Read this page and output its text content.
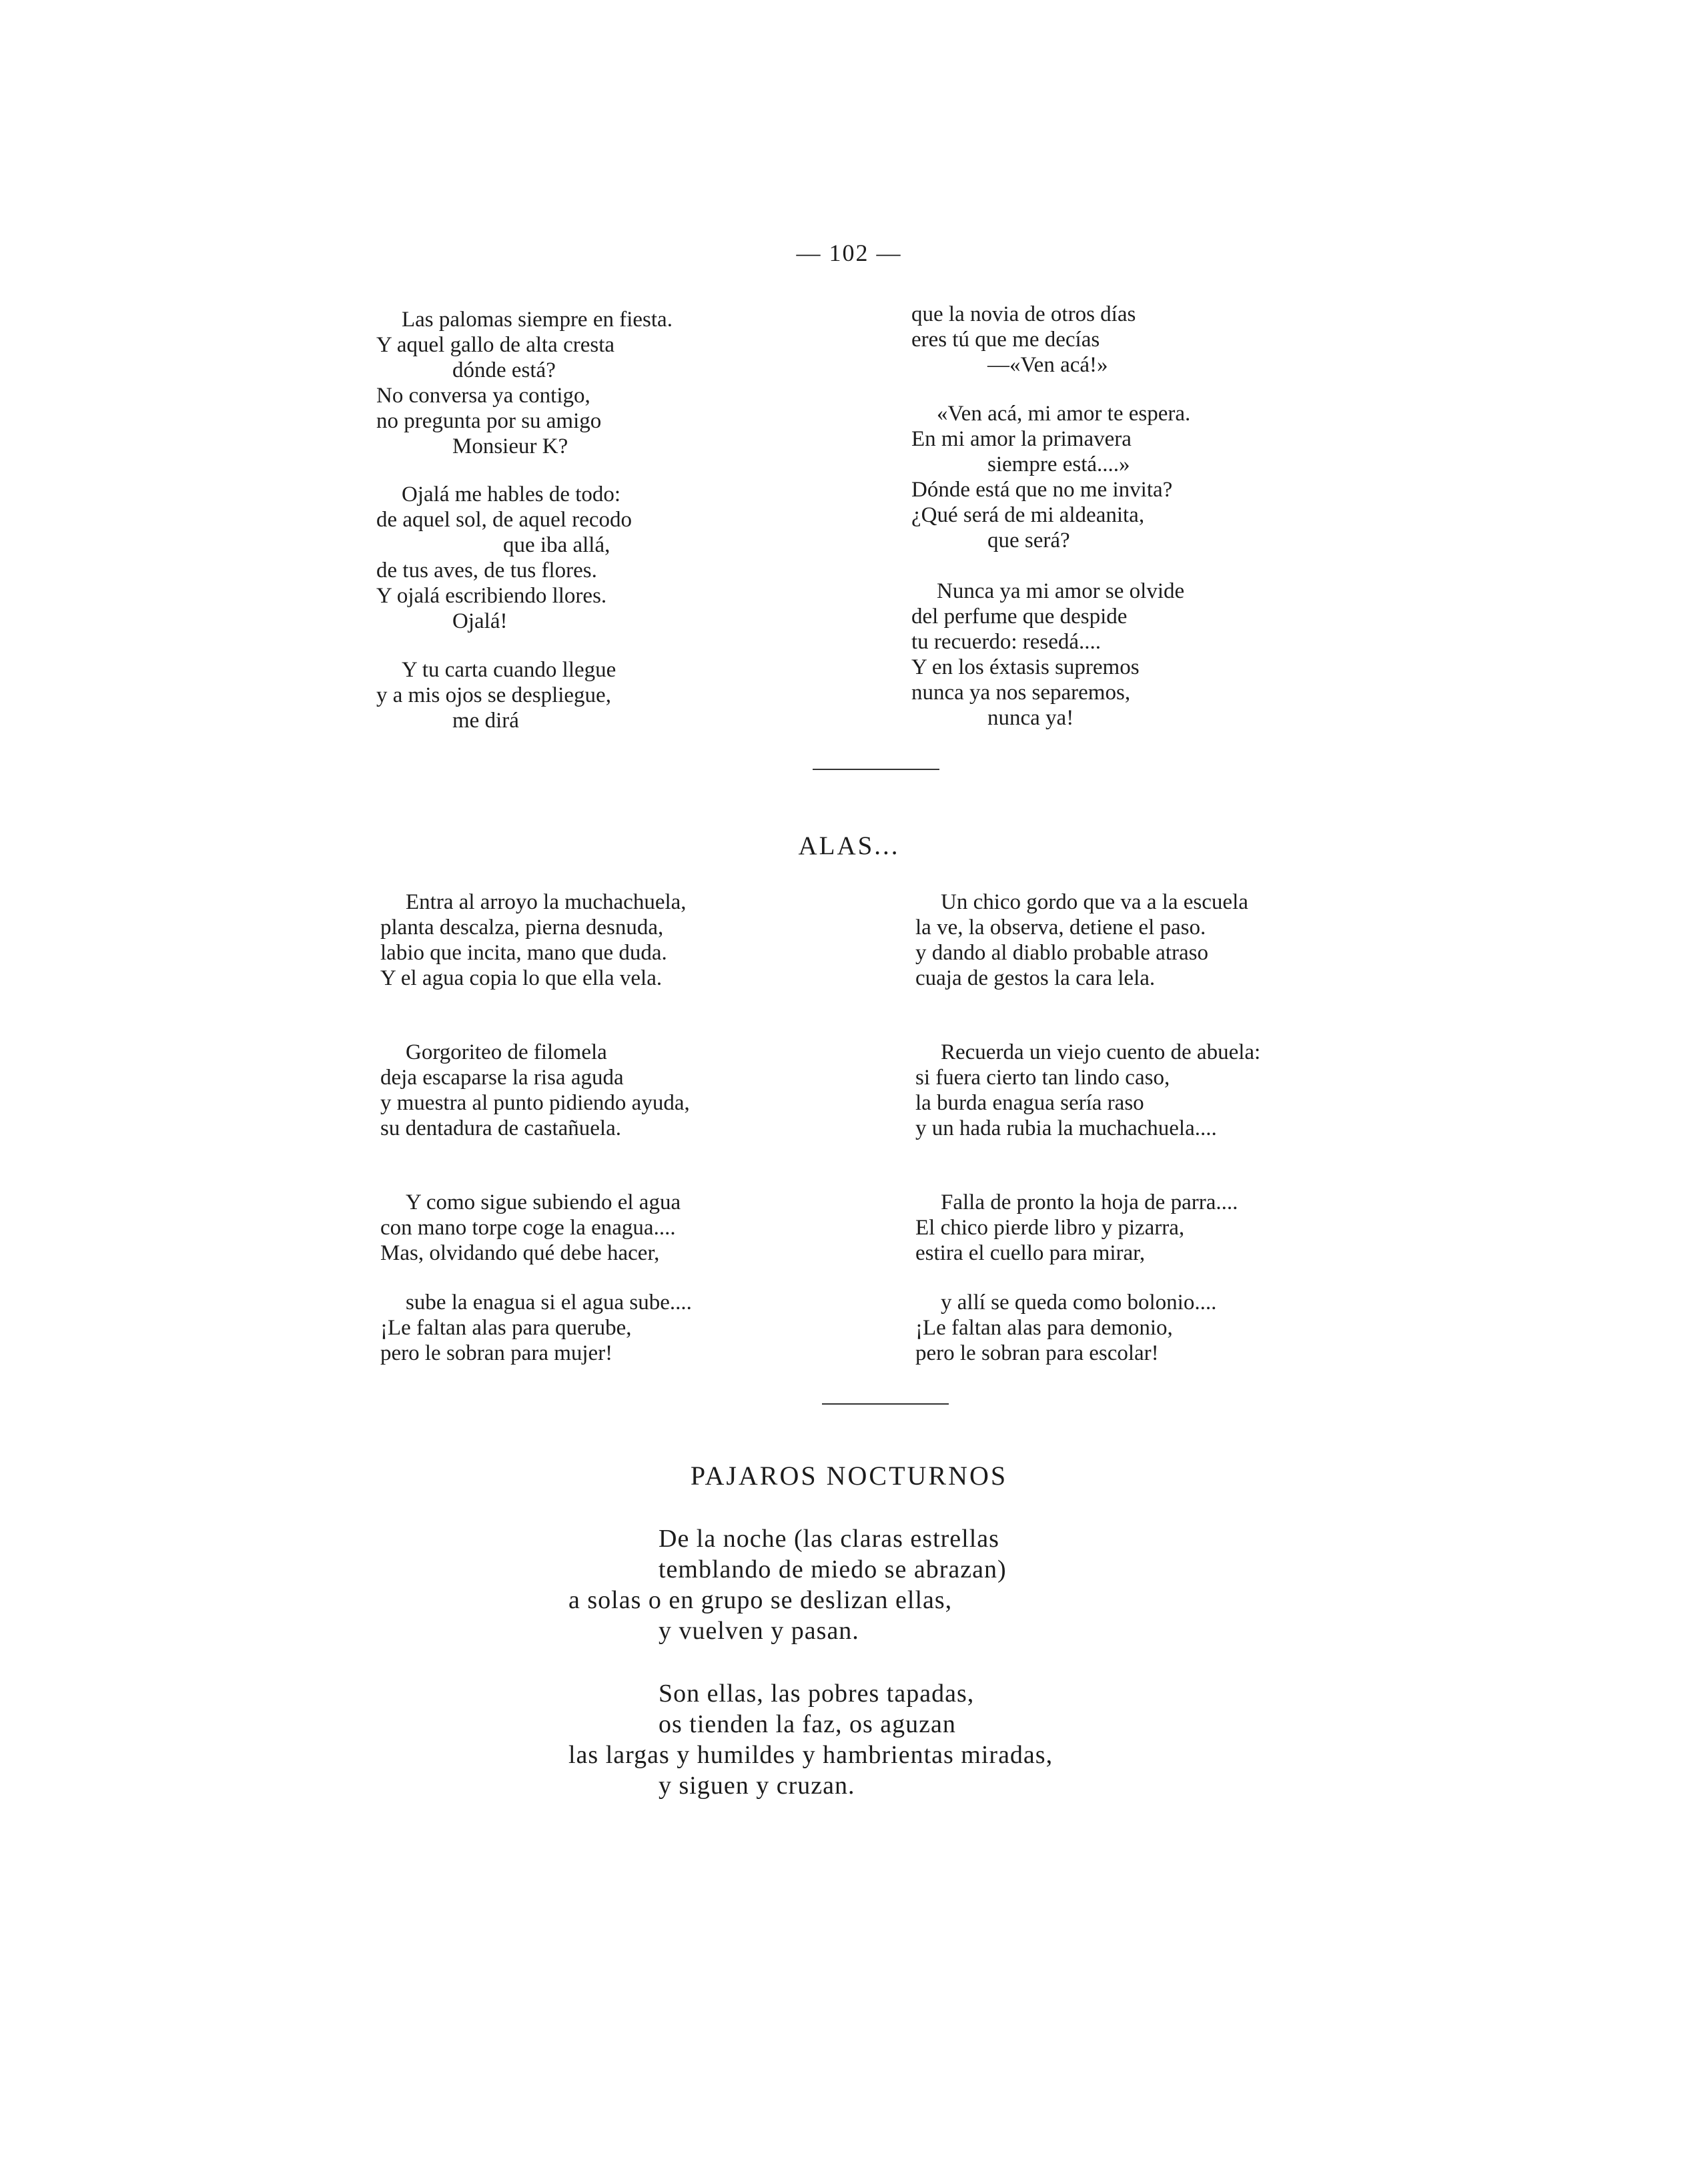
— 102 —
Las palomas siempre en fiesta.
Y aquel gallo de alta cresta
dónde está?
No conversa ya contigo,
no pregunta por su amigo
Monsieur K?
Ojalá me hables de todo:
de aquel sol, de aquel recodo
que iba allá,
de tus aves, de tus flores.
Y ojalá escribiendo llores.
Ojalá!
Y tu carta cuando llegue
y a mis ojos se despliegue,
me dirá
que la novia de otros días
eres tú que me decías
—«Ven acá!»
«Ven acá, mi amor te espera.
En mi amor la primavera
siempre está....»
Dónde está que no me invita?
¿Qué será de mi aldeanita,
que será?
Nunca ya mi amor se olvide
del perfume que despide
tu recuerdo: resedá....
Y en los éxtasis supremos
nunca ya nos separemos,
nunca ya!
ALAS...
Entra al arroyo la muchachuela,
planta descalza, pierna desnuda,
labio que incita, mano que duda.
Y el agua copia lo que ella vela.
Gorgoriteo de filomela
deja escaparse la risa aguda
y muestra al punto pidiendo ayuda,
su dentadura de castañuela.
Y como sigue subiendo el agua
con mano torpe coge la enagua....
Mas, olvidando qué debe hacer,
sube la enagua si el agua sube....
¡Le faltan alas para querube,
pero le sobran para mujer!
Un chico gordo que va a la escuela
la ve, la observa, detiene el paso.
y dando al diablo probable atraso
cuaja de gestos la cara lela.
Recuerda un viejo cuento de abuela:
si fuera cierto tan lindo caso,
la burda enagua sería raso
y un hada rubia la muchachuela....
Falla de pronto la hoja de parra....
El chico pierde libro y pizarra,
estira el cuello para mirar,
y allí se queda como bolonio....
¡Le faltan alas para demonio,
pero le sobran para escolar!
PAJAROS NOCTURNOS
De la noche (las claras estrellas
temblando de miedo se abrazan)
a solas o en grupo se deslizan ellas,
y vuelven y pasan.
Son ellas, las pobres tapadas,
os tienden la faz, os aguzan
las largas y humildes y hambrientas miradas,
y siguen y cruzan.
